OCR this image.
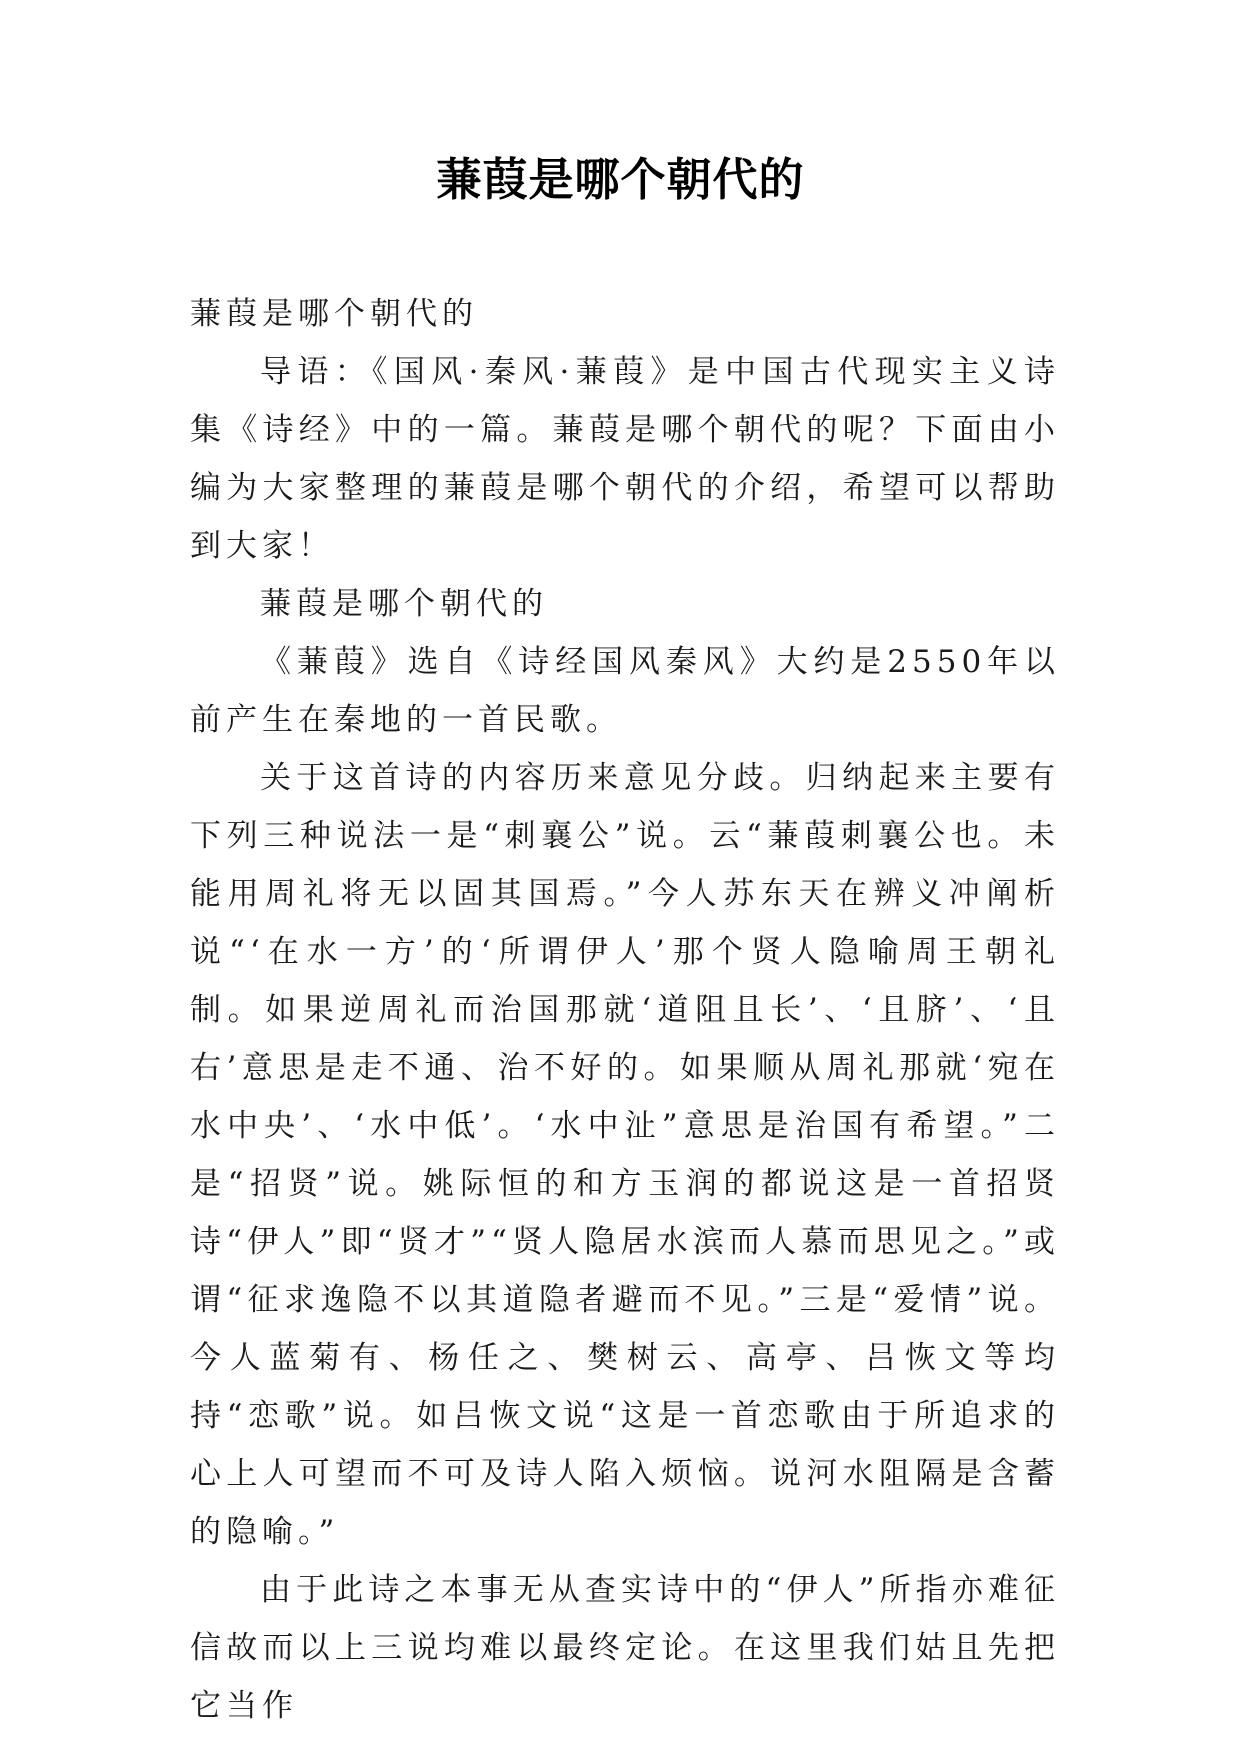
蒹葭是哪个朝代的

蒹葭是哪个朝代的

导语：《国风·秦风·蒹葭》是中国古代现实主义诗集《诗经》中的一篇。蒹葭是哪个朝代的呢？下面由小编为大家整理的蒹葭是哪个朝代的介绍，希望可以帮助到大家！

蒹葭是哪个朝代的

《蒹葭》选自《诗经国风秦风》大约是2550年以前产生在秦地的一首民歌。

关于这首诗的内容历来意见分歧。归纳起来主要有下列三种说法一是“刺襄公”说。云“蒹葭刺襄公也。未能用周礼将无以固其国焉。”今人苏东天在辨义冲阐析说“‘在水一方’的‘所谓伊人’那个贤人隐喻周王朝礼制。如果逆周礼而治国那就‘道阻且长’、‘且脐’、‘且右’意思是走不通、治不好的。如果顺从周礼那就‘宛在水中央’、‘水中低’。‘水中沚”意思是治国有希望。”二是“招贤”说。姚际恒的和方玉润的都说这是一首招贤诗“伊人”即“贤才”“贤人隐居水滨而人慕而思见之。”或谓“征求逸隐不以其道隐者避而不见。”三是“爱情”说。今人蓝菊有、杨任之、樊树云、高亭、吕恢文等均持“恋歌”说。如吕恢文说“这是一首恋歌由于所追求的心上人可望而不可及诗人陷入烦恼。说河水阻隔是含蓄的隐喻。”

由于此诗之本事无从查实诗中的“伊人”所指亦难征信故而以上三说均难以最终定论。在这里我们姑且先把它当作
